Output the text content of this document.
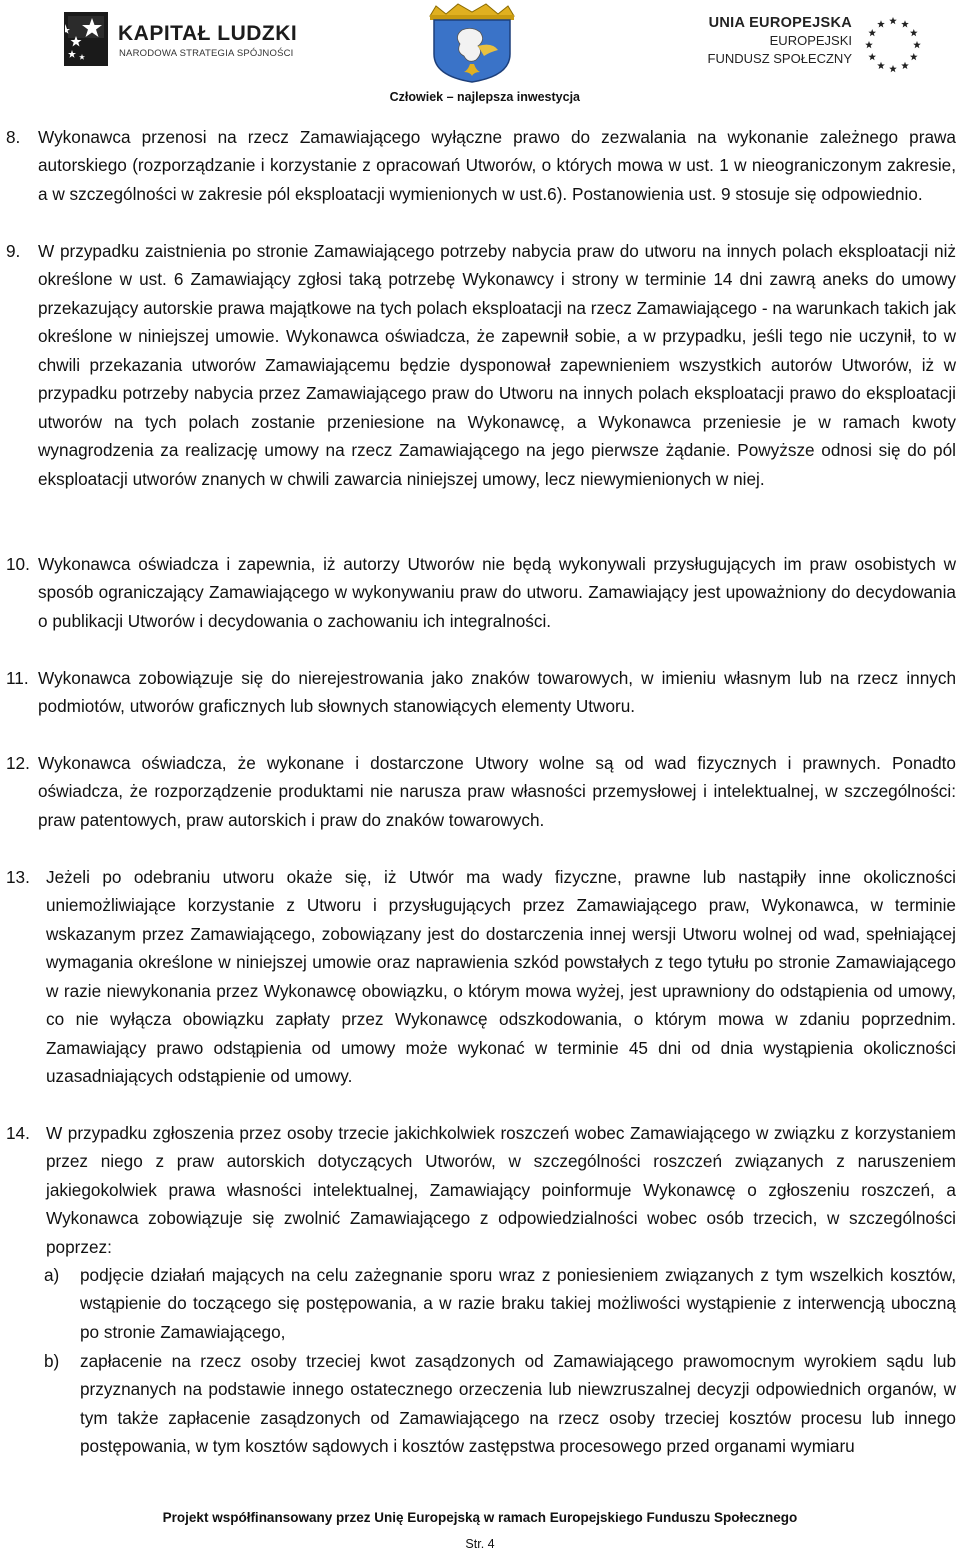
KAPITAŁ LUDZKI
NARODOWA STRATEGIA SPÓJNOŚCI
UNIA EUROPEJSKA
EUROPEJSKI
FUNDUSZ SPOŁECZNY
Człowiek – najlepsza inwestycja
8. Wykonawca przenosi na rzecz Zamawiającego wyłączne prawo do zezwalania na wykonanie zależnego prawa autorskiego (rozporządzanie i korzystanie z opracowań Utworów, o których mowa w ust. 1 w nieograniczonym zakresie, a w szczególności w zakresie pól eksploatacji wymienionych w ust.6). Postanowienia ust. 9 stosuje się odpowiednio.
9. W przypadku zaistnienia po stronie Zamawiającego potrzeby nabycia praw do utworu na innych polach eksploatacji niż określone w ust. 6 Zamawiający zgłosi taką potrzebę Wykonawcy i strony w terminie 14 dni zawrą aneks do umowy przekazujący autorskie prawa majątkowe na tych polach eksploatacji na rzecz Zamawiającego - na warunkach takich jak określone w niniejszej umowie. Wykonawca oświadcza, że zapewnił sobie, a w przypadku, jeśli tego nie uczynił, to w chwili przekazania utworów Zamawiającemu będzie dysponował zapewnieniem wszystkich autorów Utworów, iż w przypadku potrzeby nabycia przez Zamawiającego praw do Utworu na innych polach eksploatacji prawo do eksploatacji utworów na tych polach zostanie przeniesione na Wykonawcę, a Wykonawca przeniesie je w ramach kwoty wynagrodzenia za realizację umowy na rzecz Zamawiającego na jego pierwsze żądanie. Powyższe odnosi się do pól eksploatacji utworów znanych w chwili zawarcia niniejszej umowy, lecz niewymienionych w niej.
10. Wykonawca oświadcza i zapewnia, iż autorzy Utworów nie będą wykonywali przysługujących im praw osobistych w sposób ograniczający Zamawiającego w wykonywaniu praw do utworu. Zamawiający jest upoważniony do decydowania o publikacji Utworów i decydowania o zachowaniu ich integralności.
11. Wykonawca zobowiązuje się do nierejestrowania jako znaków towarowych, w imieniu własnym lub na rzecz innych podmiotów, utworów graficznych lub słownych stanowiących elementy Utworu.
12. Wykonawca oświadcza, że wykonane i dostarczone Utwory wolne są od wad fizycznych i prawnych. Ponadto oświadcza, że rozporządzenie produktami nie narusza praw własności przemysłowej i intelektualnej, w szczególności: praw patentowych, praw autorskich i praw do znaków towarowych.
13. Jeżeli po odebraniu utworu okaże się, iż Utwór ma wady fizyczne, prawne lub nastąpiły inne okoliczności uniemożliwiające korzystanie z Utworu i przysługujących przez Zamawiającego praw, Wykonawca, w terminie wskazanym przez Zamawiającego, zobowiązany jest do dostarczenia innej wersji Utworu wolnej od wad, spełniającej wymagania określone w niniejszej umowie oraz naprawienia szkód powstałych z tego tytułu po stronie Zamawiającego w razie niewykonania przez Wykonawcę obowiązku, o którym mowa wyżej, jest uprawniony do odstąpienia od umowy, co nie wyłącza obowiązku zapłaty przez Wykonawcę odszkodowania, o którym mowa w zdaniu poprzednim. Zamawiający prawo odstąpienia od umowy może wykonać w terminie 45 dni od dnia wystąpienia okoliczności uzasadniających odstąpienie od umowy.
14. W przypadku zgłoszenia przez osoby trzecie jakichkolwiek roszczeń wobec Zamawiającego w związku z korzystaniem przez niego z praw autorskich dotyczących Utworów, w szczególności roszczeń związanych z naruszeniem jakiegokolwiek prawa własności intelektualnej, Zamawiający poinformuje Wykonawcę o zgłoszeniu roszczeń, a Wykonawca zobowiązuje się zwolnić Zamawiającego z odpowiedzialności wobec osób trzecich, w szczególności poprzez:
a) podjęcie działań mających na celu zażegnanie sporu wraz z poniesieniem związanych z tym wszelkich kosztów, wstąpienie do toczącego się postępowania, a w razie braku takiej możliwości wystąpienie z interwencją uboczną po stronie Zamawiającego,
b) zapłacenie na rzecz osoby trzeciej kwot zasądzonych od Zamawiającego prawomocnym wyrokiem sądu lub przyznanych na podstawie innego ostatecznego orzeczenia lub niewzruszalnej decyzji odpowiednich organów, w tym także zapłacenie zasądzonych od Zamawiającego na rzecz osoby trzeciej kosztów procesu lub innego postępowania, w tym kosztów sądowych i kosztów zastępstwa procesowego przed organami wymiaru
Projekt współfinansowany przez Unię Europejską w ramach Europejskiego Funduszu Społecznego
Str. 4
